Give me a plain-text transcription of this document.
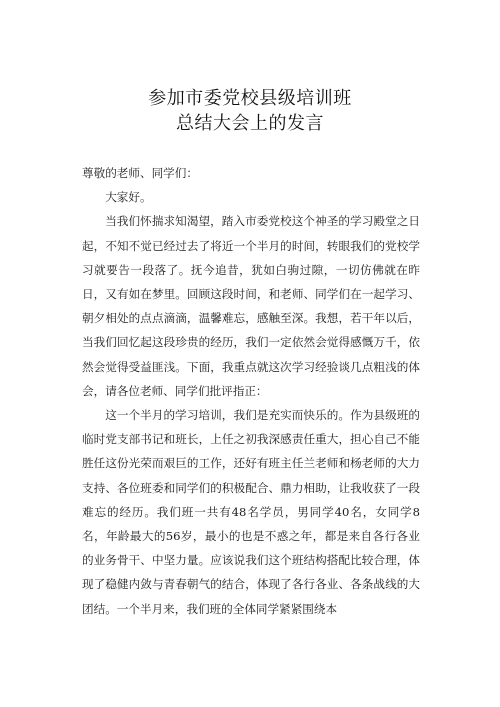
参加市委党校县级培训班
总结大会上的发言

尊敬的老师、同学们：

大家好。

当我们怀揣求知渴望，踏入市委党校这个神圣的学习殿堂之日起，不知不觉已经过去了将近一个半月的时间，转眼我们的党校学习就要告一段落了。抚今追昔，犹如白驹过隙，一切仿佛就在昨日，又有如在梦里。回顾这段时间，和老师、同学们在一起学习、朝夕相处的点点滴滴，温馨难忘，感触至深。我想，若干年以后，当我们回忆起这段珍贵的经历，我们一定依然会觉得感慨万千，依然会觉得受益匪浅。下面，我重点就这次学习经验谈几点粗浅的体会，请各位老师、同学们批评指正：

这一个半月的学习培训，我们是充实而快乐的。作为县级班的临时党支部书记和班长，上任之初我深感责任重大，担心自己不能胜任这份光荣而艰巨的工作，还好有班主任兰老师和杨老师的大力支持、各位班委和同学们的积极配合、鼎力相助，让我收获了一段难忘的经历。我们班一共有48名学员，男同学40名，女同学8名，年龄最大的56岁，最小的也是不惑之年，都是来自各行各业的业务骨干、中坚力量。应该说我们这个班结构搭配比较合理，体现了稳健内敛与青春朝气的结合，体现了各行各业、各条战线的大团结。一个半月来，我们班的全体同学紧紧围绕本
